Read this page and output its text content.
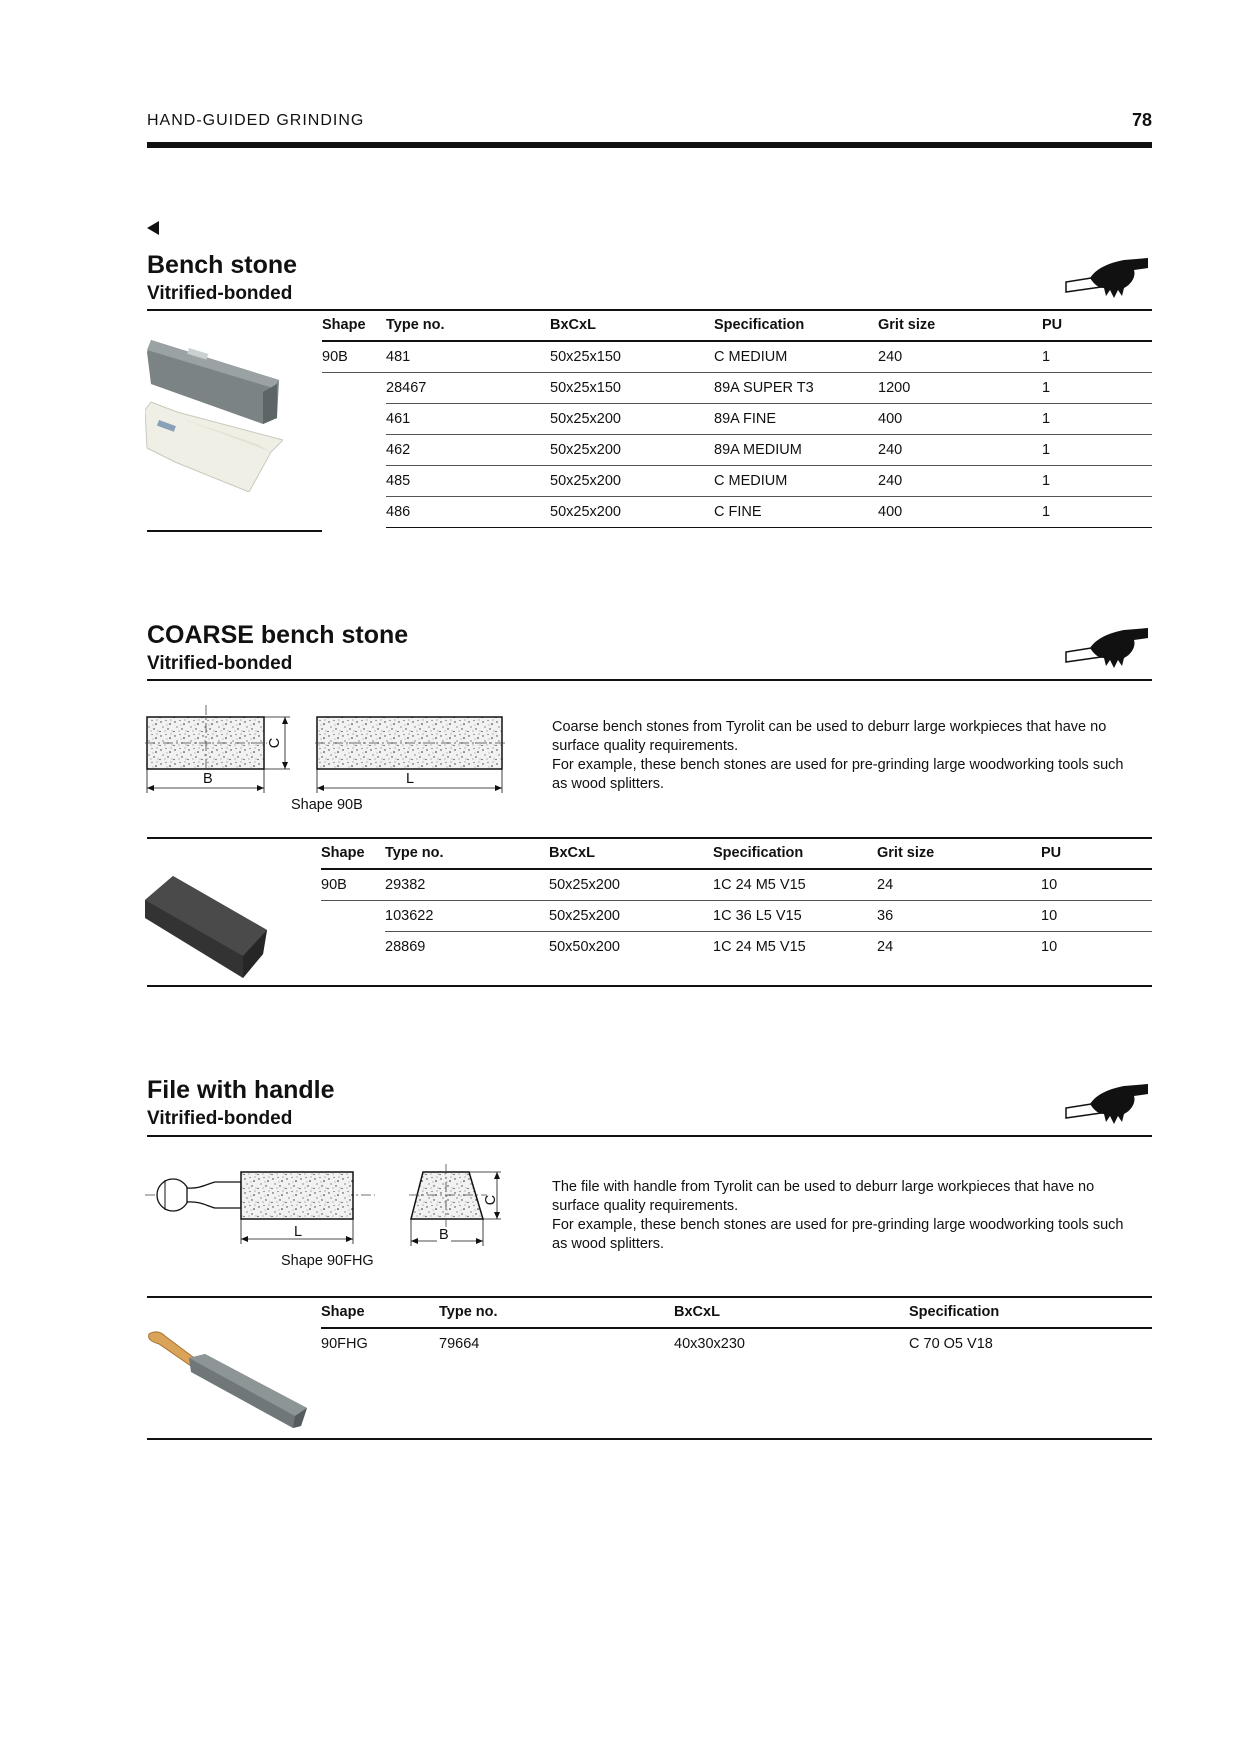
HAND-GUIDED GRINDING	78
Bench stone
Vitrified-bonded
Shape	Type no.	BxCxL	Specification	Grit size	PU
90B	481	50x25x150	C MEDIUM	240	1
	28467	50x25x150	89A SUPER T3	1200	1
	461	50x25x200	89A FINE	400	1
	462	50x25x200	89A MEDIUM	240	1
	485	50x25x200	C MEDIUM	240	1
	486	50x25x200	C FINE	400	1
COARSE bench stone
Vitrified-bonded
B
C
L
Shape 90B
Coarse bench stones from Tyrolit can be used to deburr large workpieces that have no
surface quality requirements.
For example, these bench stones are used for pre-grinding large woodworking tools such
as wood splitters.
Shape	Type no.	BxCxL	Specification	Grit size	PU
90B	29382	50x25x200	1C 24 M5 V15	24	10
	103622	50x25x200	1C 36 L5 V15	36	10
	28869	50x50x200	1C 24 M5 V15	24	10
File with handle
Vitrified-bonded
L
C
B
Shape 90FHG
The file with handle from Tyrolit can be used to deburr large workpieces that have no
surface quality requirements.
For example, these bench stones are used for pre-grinding large woodworking tools such
as wood splitters.
Shape	Type no.	BxCxL	Specification
90FHG	79664	40x30x230	C 70 O5 V18
